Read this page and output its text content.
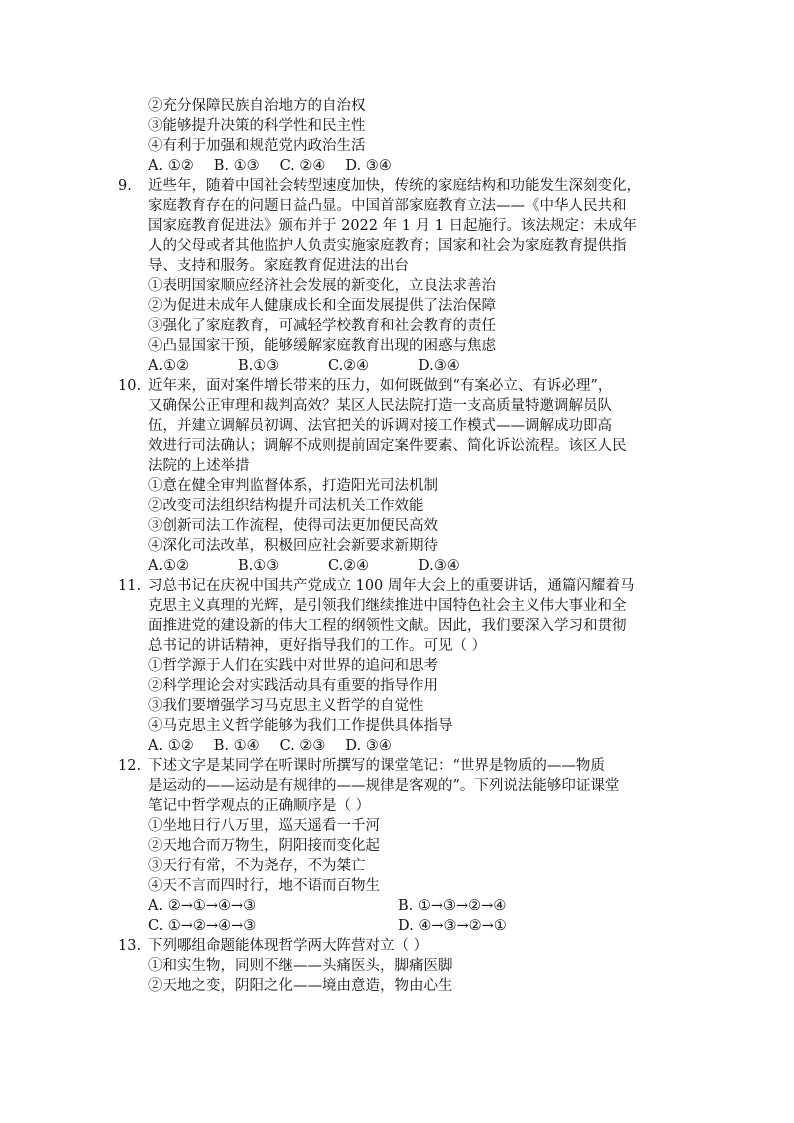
②充分保障民族自治地方的自治权
③能够提升决策的科学性和民主性
④有利于加强和规范党内政治生活
A. ①② B. ①③ C. ②④ D. ③④
9. 近些年，随着中国社会转型速度加快，传统的家庭结构和功能发生深刻变化，
家庭教育存在的问题日益凸显。中国首部家庭教育立法——《中华人民共和
国家庭教育促进法》颁布并于 2022 年 1 月 1 日起施行。该法规定：未成年
人的父母或者其他监护人负责实施家庭教育；国家和社会为家庭教育提供指
导、支持和服务。家庭教育促进法的出台
①表明国家顺应经济社会发展的新变化，立良法求善治
②为促进未成年人健康成长和全面发展提供了法治保障
③强化了家庭教育，可减轻学校教育和社会教育的责任
④凸显国家干预，能够缓解家庭教育出现的困惑与焦虑
A.①②	B.①③	C.②④	D.③④
10. 近年来，面对案件增长带来的压力，如何既做到“有案必立、有诉必理”，
又确保公正审理和裁判高效？某区人民法院打造一支高质量特邀调解员队
伍，并建立调解员初调、法官把关的诉调对接工作模式——调解成功即高
效进行司法确认；调解不成则提前固定案件要素、简化诉讼流程。该区人民
法院的上述举措
①意在健全审判监督体系，打造阳光司法机制
②改变司法组织结构提升司法机关工作效能
③创新司法工作流程，使得司法更加便民高效
④深化司法改革，积极回应社会新要求新期待
A.①②	B.①③	C.②④	D.③④
11. 习总书记在庆祝中国共产党成立 100 周年大会上的重要讲话，通篇闪耀着马
克思主义真理的光辉，是引领我们继续推进中国特色社会主义伟大事业和全
面推进党的建设新的伟大工程的纲领性文献。因此，我们要深入学习和贯彻
总书记的讲话精神，更好指导我们的工作。可见（ ）
①哲学源于人们在实践中对世界的追问和思考
②科学理论会对实践活动具有重要的指导作用
③我们要增强学习马克思主义哲学的自觉性
④马克思主义哲学能够为我们工作提供具体指导
A. ①② B. ①④ C. ②③ D. ③④
12. 下述文字是某同学在听课时所撰写的课堂笔记：“世界是物质的——物质
是运动的——运动是有规律的——规律是客观的”。下列说法能够印证课堂
笔记中哲学观点的正确顺序是（ ）
①坐地日行八万里，巡天遥看一千河
②天地合而万物生，阴阳接而变化起
③天行有常，不为尧存，不为桀亡
④天不言而四时行，地不语而百物生
A. ②→①→④→③	B. ①→③→②→④
C. ①→②→④→③	D. ④→③→②→①
13. 下列哪组命题能体现哲学两大阵营对立（ ）
①和实生物，同则不继——头痛医头，脚痛医脚
②天地之变，阴阳之化——境由意造，物由心生
